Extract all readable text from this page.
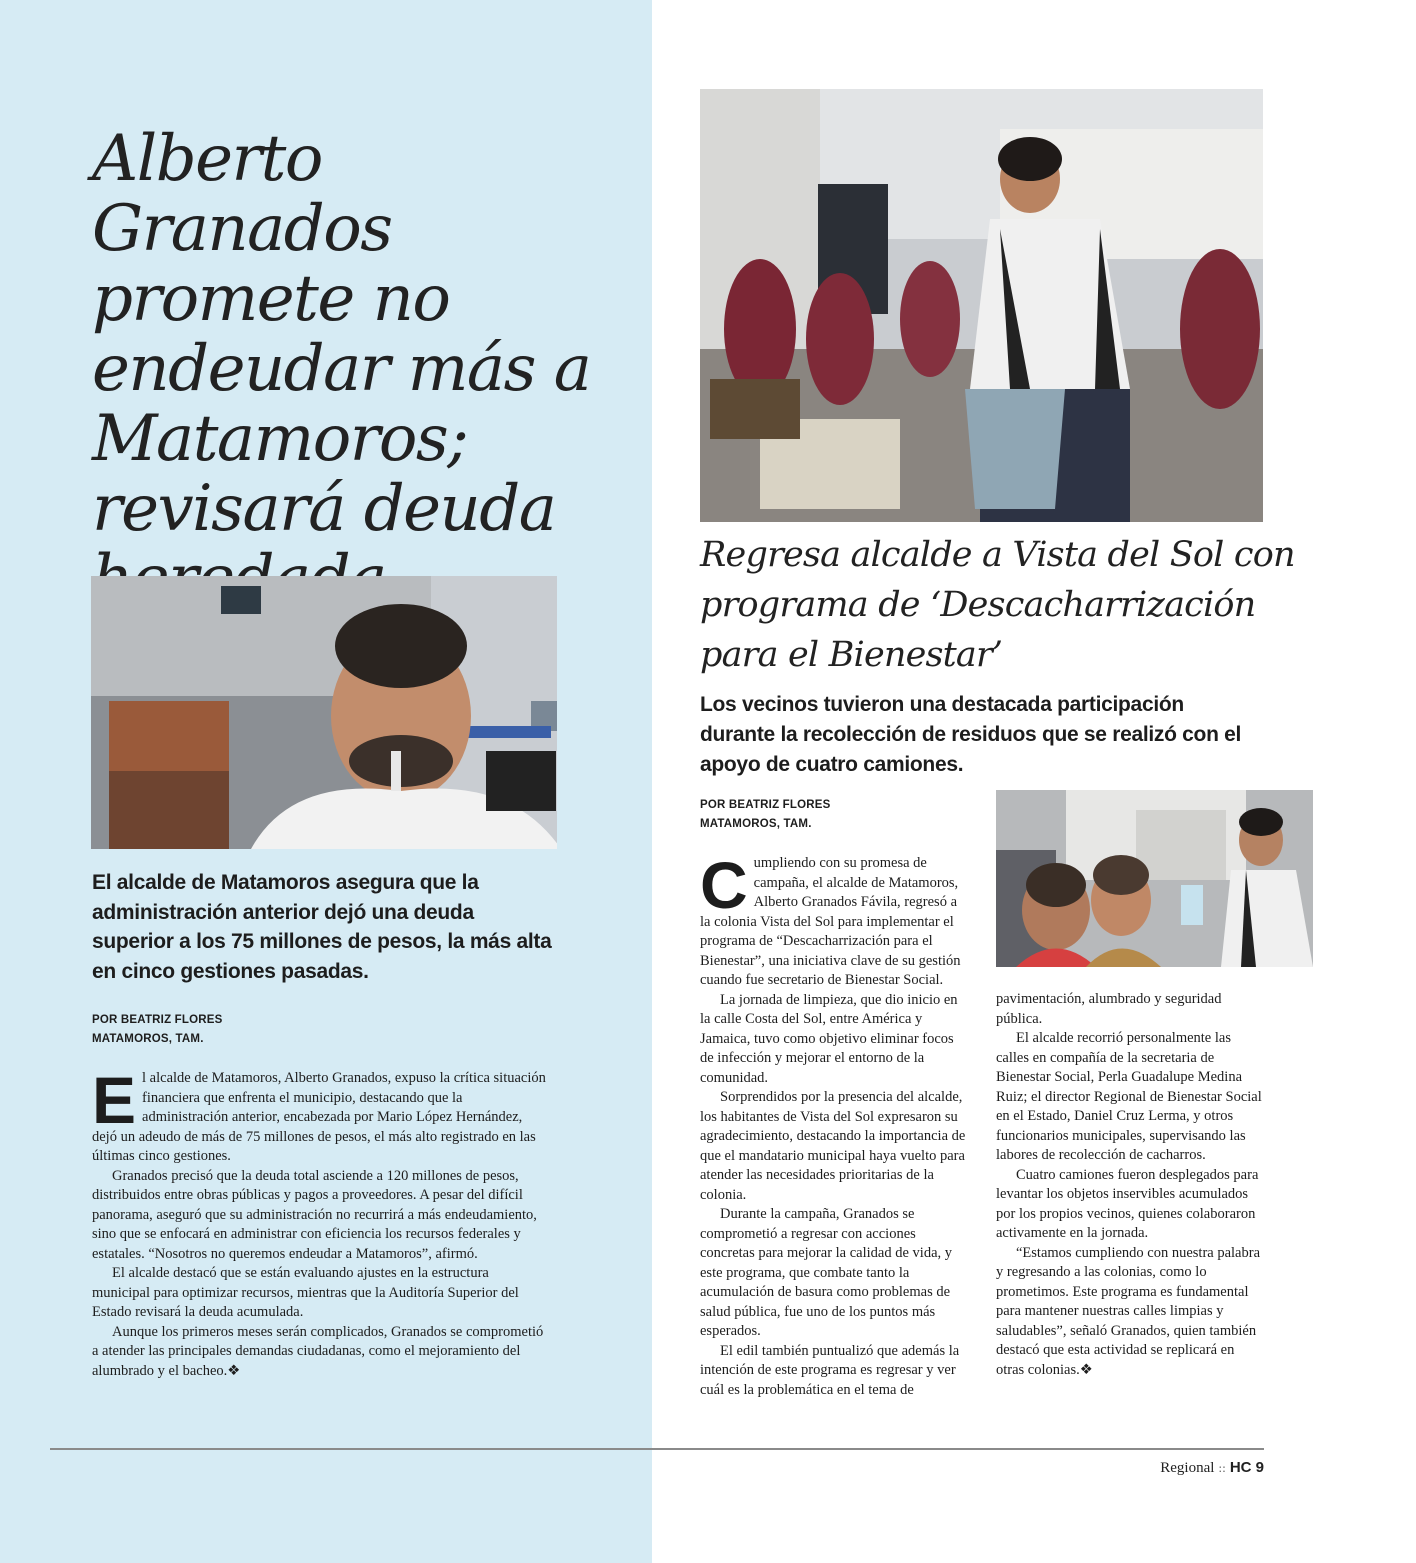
Alberto Granados promete no endeudar más a Matamoros; revisará deuda
El alcalde de Matamoros asegura que la administración anterior dejó una deuda superior a los 75 millones de pesos, la más alta en cinco gestiones pasadas.
POR BEATRIZ FLORES
MATAMOROS, TAM.

El alcalde de Matamoros, Alberto Granados, expuso la crítica situación financiera que enfrenta el municipio, destacando que la administración anterior, encabezada por Mario López Hernández, dejó un adeudo de más de 75 millones de pesos, el más alto registrado en las últimas cinco gestiones.

Granados precisó que la deuda total asciende a 120 millones de pesos, distribuidos entre obras públicas y pagos a proveedores. A pesar del difícil panorama, aseguró que su administración no recurrirá a más endeudamiento, sino que se enfocará en administrar con eficiencia los recursos federales y estatales. “Nosotros no queremos endeudar a Matamoros”, afirmó.

El alcalde destacó que se están evaluando ajustes en la estructura municipal para optimizar recursos, mientras que la Auditoría Superior del Estado revisará la deuda acumulada.

Aunque los primeros meses serán complicados, Granados se comprometió a atender las principales demandas ciudadanas, como el mejoramiento del alumbrado y el bacheo.❖

Regresa alcalde a Vista del Sol con programa de ‘Descacharrización para el Bienestar’
Los vecinos tuvieron una destacada participación durante la recolección de residuos que se realizó con el apoyo de cuatro camiones.
POR BEATRIZ FLORES
MATAMOROS, TAM.

Cumpliendo con su promesa de campaña, el alcalde de Matamoros, Alberto Granados Fávila, regresó a la colonia Vista del Sol para implementar el programa de “Descacharrización para el Bienestar”, una iniciativa clave de su gestión cuando fue secretario de Bienestar Social.

La jornada de limpieza, que dio inicio en la calle Costa del Sol, entre América y Jamaica, tuvo como objetivo eliminar focos de infección y mejorar el entorno de la comunidad.

Sorprendidos por la presencia del alcalde, los habitantes de Vista del Sol expresaron su agradecimiento, destacando la importancia de que el mandatario municipal haya vuelto para atender las necesidades prioritarias de la colonia.

Durante la campaña, Granados se comprometió a regresar con acciones concretas para mejorar la calidad de vida, y este programa, que combate tanto la acumulación de basura como problemas de salud pública, fue uno de los puntos más esperados.

El edil también puntualizó que además la intención de este programa es regresar y ver cuál es la problemática en el tema de

pavimentación, alumbrado y seguridad pública.

El alcalde recorrió personalmente las calles en compañía de la secretaria de Bienestar Social, Perla Guadalupe Medina Ruiz; el director Regional de Bienestar Social en el Estado, Daniel Cruz Lerma, y otros funcionarios municipales, supervisando las labores de recolección de cacharros.

Cuatro camiones fueron desplegados para levantar los objetos inservibles acumulados por los propios vecinos, quienes colaboraron activamente en la jornada.

“Estamos cumpliendo con nuestra palabra y regresando a las colonias, como lo prometimos. Este programa es fundamental para mantener nuestras calles limpias y saludables”, señaló Granados, quien también destacó que esta actividad se replicará en otras colonias.❖

Regional :: HC 9
